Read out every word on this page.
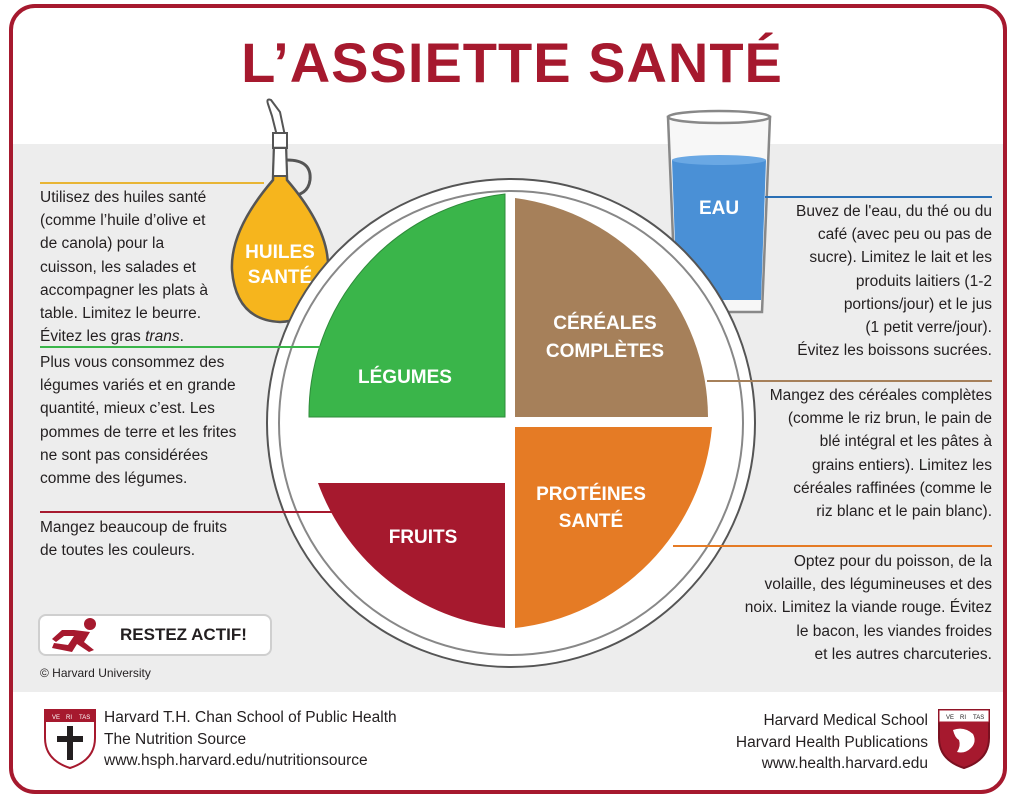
L’ASSIETTE SANTÉ
HUILES
SANTÉ
EAU
LÉGUMES
FRUITS
CÉRÉALES
COMPLÈTES
PROTÉINES
SANTÉ
Utilisez des huiles santé
(comme l’huile d’olive et
de canola) pour la
cuisson, les salades et
accompagner les plats à
table. Limitez le beurre.
Évitez les gras trans.
Plus vous consommez des
légumes variés et en grande
quantité, mieux c’est. Les
pommes de terre et les frites
ne sont pas considérées
comme des légumes.
Mangez beaucoup de fruits
de toutes les couleurs.
Buvez de l'eau, du thé ou du
café (avec peu ou pas de
sucre). Limitez le lait et les
produits laitiers (1-2
portions/jour) et le jus
(1 petit verre/jour).
Évitez les boissons sucrées.
Mangez des céréales complètes
(comme le riz brun, le pain de
blé intégral et les pâtes à
grains entiers). Limitez les
céréales raffinées (comme le
riz blanc et le pain blanc).
Optez pour du poisson, de la
volaille, des légumineuses et des
noix. Limitez la viande rouge. Évitez
le bacon, les viandes froides
et les autres charcuteries.
RESTEZ ACTIF!
© Harvard University
VE RI TAS Harvard T.H. Chan School of Public Health
The Nutrition Source
www.hsph.harvard.edu/nutritionsource
Harvard Medical School
Harvard Health Publications
www.health.harvard.edu
VE RI TAS
